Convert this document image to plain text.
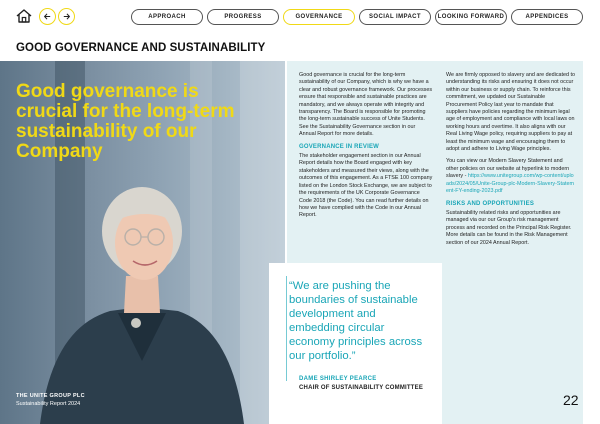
APPROACH	PROGRESS	GOVERNANCE	SOCIAL IMPACT	LOOKING FORWARD	APPENDICES
GOOD GOVERNANCE AND SUSTAINABILITY
Good governance is crucial for the long-term sustainability of our Company
THE UNITE GROUP PLC
Sustainability Report 2024

Good governance is crucial for the long-term sustainability of our Company, which is why we have a clear and robust governance framework. Our processes ensure that responsible and sustainable practices are mandatory, and we always operate with integrity and transparency. The Board is responsible for promoting the long-term sustainable success of Unite Students. See the Sustainability Governance section in our Annual Report for more details.

GOVERNANCE IN REVIEW

The stakeholder engagement section in our Annual Report details how the Board engaged with key stakeholders and measured their views, along with the outcomes of this engagement. As a FTSE 100 company listed on the London Stock Exchange, we are subject to the requirements of the UK Corporate Governance Code 2018 (the Code). You can read further details on how we have complied with the Code in our Annual Report.

We are firmly opposed to slavery and are dedicated to understanding its risks and ensuring it does not occur within our business or supply chain. To reinforce this commitment, we updated our Sustainable Procurement Policy last year to mandate that suppliers have policies regarding the minimum legal age of employment and compliance with local laws on working hours and overtime. It also aligns with our Real Living Wage policy, requiring suppliers to pay at least the minimum wage and encouraging them to adopt and adhere to Living Wage principles.

You can view our Modern Slavery Statement and other policies on our website at hyperlink to modern slavery - https://www.unitegroup.com/wp-content/uploads/2024/05/Unite-Group-plc-Modern-Slavery-Statement-FY-ending-2023.pdf

RISKS AND OPPORTUNITIES

Sustainability related risks and opportunities are managed via our our Group's risk management process and recorded on the Principal Risk Register. More details can be found in the Risk Management section of our 2024 Annual Report.

“We are pushing the boundaries of sustainable development and embedding circular economy principles across our portfolio.”
DAME SHIRLEY PEARCE
CHAIR OF SUSTAINABILITY COMMITTEE
22
